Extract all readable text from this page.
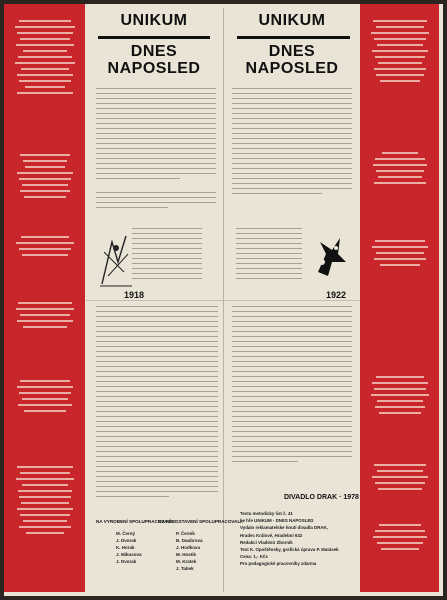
UNIKUM
DNES
NAPOSLED
UNIKUM
DNES
NAPOSLED
1918	1922
DIVADLO DRAK · 1978
NA VYROBENÍ SPOLUPRACOVALI:
NA PŘEDSTAVENÍ SPOLUPRACOVALI:
M. Černý
J. Dvorak
K. Horak
J. Mikusova
J. Dvorak
P. Černík
B. Daubrova
J. Hodkova
M. Hostik
M. Kratek
J. Tabek
Textu metodicky list č. 41
ke hře UNIKUM - DNES NAPOSLED
Vydalo reklamatelske hnutí divadla DRAK,
Hradec Králové, Hradební 632
Redakci Vladimír Zborník
Text K. Opoštěnsky, grafická úprava P. Matásek
Cena: 1,- Kčs
Pro pedagogické pracovníky zdarma
